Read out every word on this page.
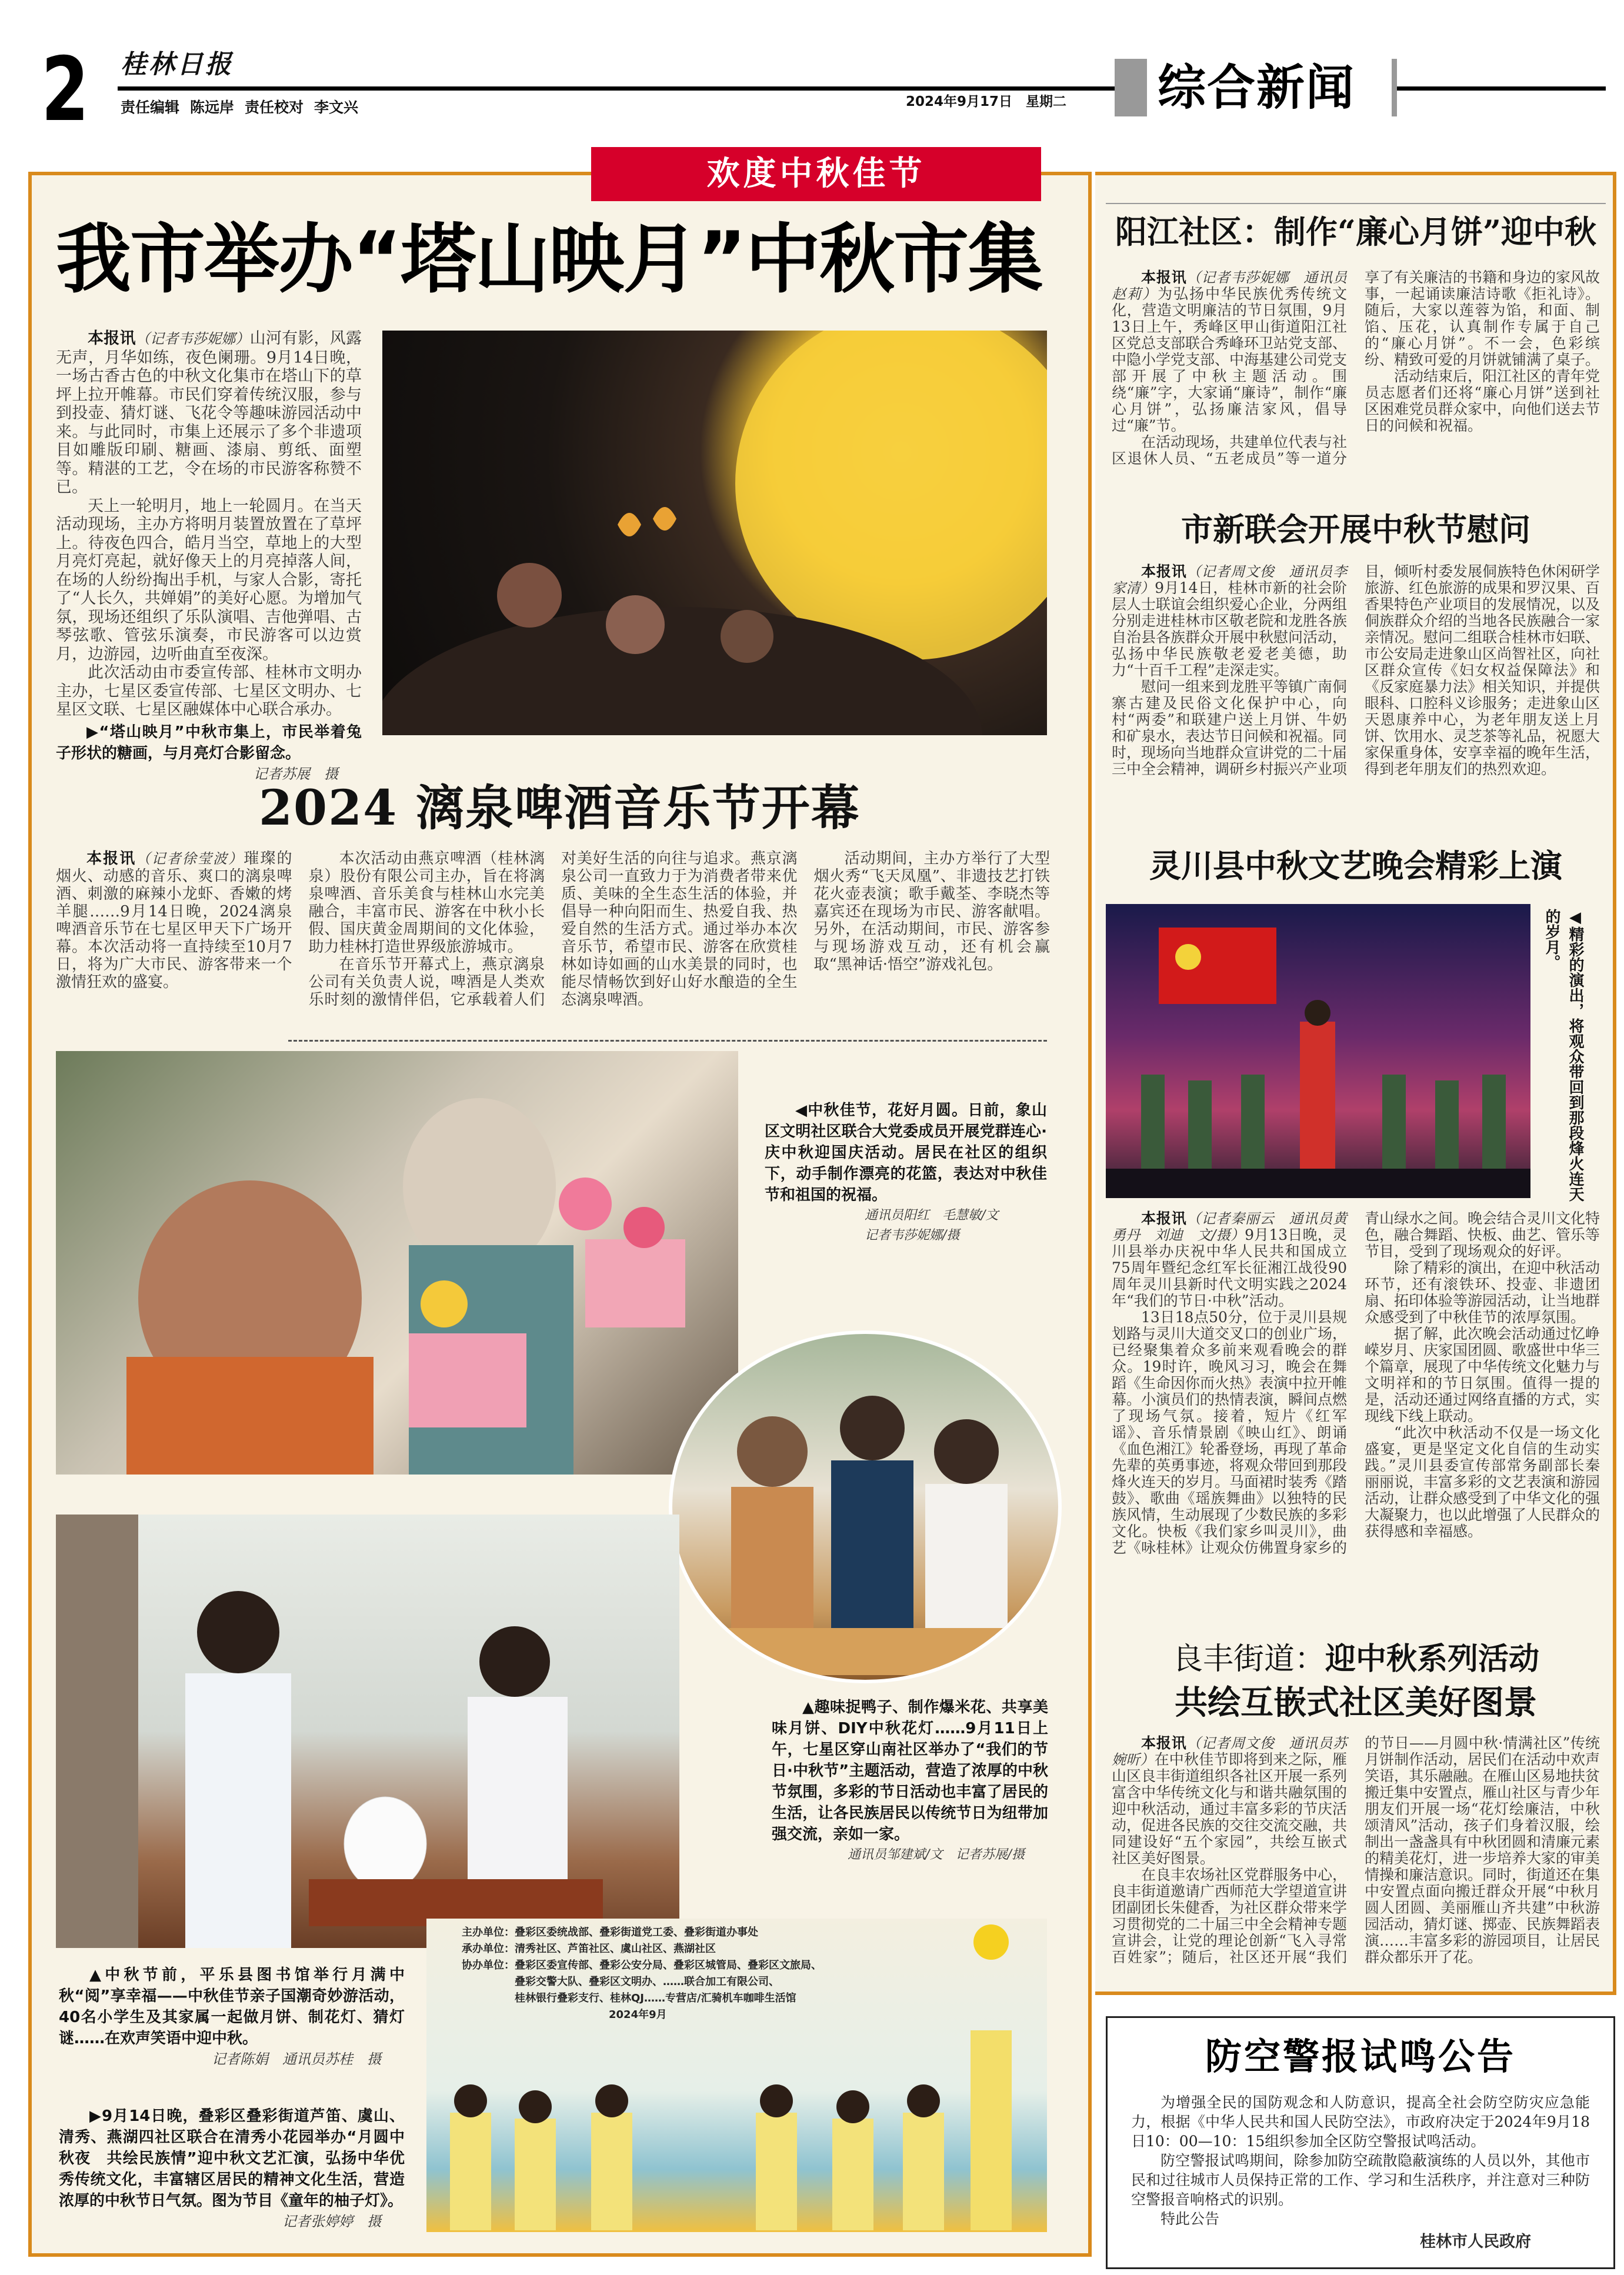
2 桂林日报
责任编辑 陈远岸 责任校对 李文兴	2024年9月17日　星期二 综合新闻
欢度中秋佳节
我市举办“塔山映月”中秋市集

本报讯（记者韦莎妮娜）山河有影，风露无声，月华如练，夜色阑珊。9月14日晚，一场古香古色的中秋文化集市在塔山下的草坪上拉开帷幕。市民们穿着传统汉服，参与到投壶、猜灯谜、飞花令等趣味游园活动中来。与此同时，市集上还展示了多个非遗项目如雕版印刷、糖画、漆扇、剪纸、面塑等。精湛的工艺，令在场的市民游客称赞不已。

天上一轮明月，地上一轮圆月。在当天活动现场，主办方将明月装置放置在了草坪上。待夜色四合，皓月当空，草地上的大型月亮灯亮起，就好像天上的月亮掉落人间，在场的人纷纷掏出手机，与家人合影，寄托了“人长久，共婵娟”的美好心愿。为增加气氛，现场还组织了乐队演唱、吉他弹唱、古琴弦歌、管弦乐演奏，市民游客可以边赏月，边游园，边听曲直至夜深。

此次活动由市委宣传部、桂林市文明办主办，七星区委宣传部、七星区文明办、七星区文联、七星区融媒体中心联合承办。

▶“塔山映月”中秋市集上，市民举着兔子形状的糖画，与月亮灯合影留念。

记者苏展　摄
2024 漓泉啤酒音乐节开幕

本报讯（记者徐莹波）璀璨的烟火、动感的音乐、爽口的漓泉啤酒、刺激的麻辣小龙虾、香嫩的烤羊腿……9月14日晚，2024漓泉啤酒音乐节在七星区甲天下广场开幕。本次活动将一直持续至10月7日，将为广大市民、游客带来一个激情狂欢的盛宴。

本次活动由燕京啤酒（桂林漓泉）股份有限公司主办，旨在将漓泉啤酒、音乐美食与桂林山水完美融合，丰富市民、游客在中秋小长假、国庆黄金周期间的文化体验，助力桂林打造世界级旅游城市。

在音乐节开幕式上，燕京漓泉公司有关负责人说，啤酒是人类欢乐时刻的激情伴侣，它承载着人们对美好生活的向往与追求。燕京漓泉公司一直致力于为消费者带来优质、美味的全生态生活的体验，并倡导一种向阳而生、热爱自我、热爱自然的生活方式。通过举办本次音乐节，希望市民、游客在欣赏桂林如诗如画的山水美景的同时，也能尽情畅饮到好山好水酿造的全生态漓泉啤酒。

活动期间，主办方举行了大型烟火秀“飞天凤凰”、非遗技艺打铁花火壶表演；歌手戴荃、李晓杰等嘉宾还在现场为市民、游客献唱。另外，在活动期间，市民、游客参与现场游戏互动，还有机会赢取“黑神话·悟空”游戏礼包。

◀中秋佳节，花好月圆。日前，象山区文明社区联合大党委成员开展党群连心·庆中秋迎国庆活动。居民在社区的组织下，动手制作漂亮的花篮，表达对中秋佳节和祖国的祝福。

通讯员阳红　毛慧敏/文
记者韦莎妮娜/摄

▲趣味捉鸭子、制作爆米花、共享美味月饼、DIY中秋花灯……9月11日上午，七星区穿山南社区举办了“我们的节日·中秋节”主题活动，营造了浓厚的中秋节氛围，多彩的节日活动也丰富了居民的生活，让各民族居民以传统节日为纽带加强交流，亲如一家。

通讯员邹建斌/文　记者苏展/摄

▲中秋节前，平乐县图书馆举行月满中秋“阅”享幸福——中秋佳节亲子国潮奇妙游活动，40名小学生及其家属一起做月饼、制花灯、猜灯谜……在欢声笑语中迎中秋。

记者陈娟　通讯员苏桂　摄

▶9月14日晚，叠彩区叠彩街道芦笛、虞山、清秀、燕湖四社区联合在清秀小花园举办“月圆中秋夜　共绘民族情”迎中秋文艺汇演，弘扬中华优秀传统文化，丰富辖区居民的精神文化生活，营造浓厚的中秋节日气氛。图为节目《童年的柚子灯》。

记者张婷婷　摄
主办单位：叠彩区委统战部、叠彩街道党工委、叠彩街道办事处
承办单位：清秀社区、芦笛社区、虞山社区、燕湖社区
协办单位：叠彩区委宣传部、叠彩公安分局、叠彩区城管局、叠彩区文旅局、
叠彩交警大队、叠彩区文明办、……联合加工有限公司、
桂林银行叠彩支行、桂林QJ……专营店/汇骑机车咖啡生活馆
2024年9月
阳江社区：制作“廉心月饼”迎中秋

本报讯（记者韦莎妮娜　通讯员赵莉）为弘扬中华民族优秀传统文化，营造文明廉洁的节日氛围，9月13日上午，秀峰区甲山街道阳江社区党总支部联合秀峰环卫站党支部、中隐小学党支部、中海基建公司党支部开展了中秋主题活动。围绕“廉”字，大家诵“廉诗”，制作“廉心月饼”，弘扬廉洁家风，倡导过“廉”节。

在活动现场，共建单位代表与社区退休人员、“五老成员”等一道分享了有关廉洁的书籍和身边的家风故事，一起诵读廉洁诗歌《拒礼诗》。随后，大家以莲蓉为馅，和面、制馅、压花，认真制作专属于自己的“廉心月饼”。不一会，色彩缤纷、精致可爱的月饼就铺满了桌子。

活动结束后，阳江社区的青年党员志愿者们还将“廉心月饼”送到社区困难党员群众家中，向他们送去节日的问候和祝福。

市新联会开展中秋节慰问

本报讯（记者周文俊　通讯员李家清）9月14日，桂林市新的社会阶层人士联谊会组织爱心企业，分两组分别走进桂林市区敬老院和龙胜各族自治县各族群众开展中秋慰问活动，弘扬中华民族敬老爱老美德，助力“十百千工程”走深走实。

慰问一组来到龙胜平等镇广南侗寨古建及民俗文化保护中心，向村“两委”和联建户送上月饼、牛奶和矿泉水，表达节日问候和祝福。同时，现场向当地群众宣讲党的二十届三中全会精神，调研乡村振兴产业项目，倾听村委发展侗族特色休闲研学旅游、红色旅游的成果和罗汉果、百香果特色产业项目的发展情况，以及侗族群众介绍的当地各民族融合一家亲情况。慰问二组联合桂林市妇联、市公安局走进象山区尚智社区，向社区群众宣传《妇女权益保障法》和《反家庭暴力法》相关知识，并提供眼科、口腔科义诊服务；走进象山区天恩康养中心，为老年朋友送上月饼、饮用水、灵芝茶等礼品，祝愿大家保重身体，安享幸福的晚年生活，得到老年朋友们的热烈欢迎。

灵川县中秋文艺晚会精彩上演
◀精彩的演出，将观众带回到那段烽火连天的岁月。

本报讯（记者秦丽云　通讯员黄勇丹　刘迪　文/摄）9月13日晚，灵川县举办庆祝中华人民共和国成立75周年暨纪念红军长征湘江战役90周年灵川县新时代文明实践之2024年“我们的节日·中秋”活动。

13日18点50分，位于灵川县规划路与灵川大道交叉口的创业广场，已经聚集着众多前来观看晚会的群众。19时许，晚风习习，晚会在舞蹈《生命因你而火热》表演中拉开帷幕。小演员们的热情表演，瞬间点燃了现场气氛。接着，短片《红军谣》、音乐情景剧《映山红》、朗诵《血色湘江》轮番登场，再现了革命先辈的英勇事迹，将观众带回到那段烽火连天的岁月。马面裙时装秀《踏鼓》、歌曲《瑶族舞曲》以独特的民族风情，生动展现了少数民族的多彩文化。快板《我们家乡叫灵川》，曲艺《咏桂林》让观众仿佛置身家乡的青山绿水之间。晚会结合灵川文化特色，融合舞蹈、快板、曲艺、管乐等节目，受到了现场观众的好评。

除了精彩的演出，在迎中秋活动环节，还有滚铁环、投壶、非遗团扇、拓印体验等游园活动，让当地群众感受到了中秋佳节的浓厚氛围。

据了解，此次晚会活动通过忆峥嵘岁月、庆家国团圆、歌盛世中华三个篇章，展现了中华传统文化魅力与文明祥和的节日氛围。值得一提的是，活动还通过网络直播的方式，实现线下线上联动。

“此次中秋活动不仅是一场文化盛宴，更是坚定文化自信的生动实践。”灵川县委宣传部常务副部长秦丽丽说，丰富多彩的文艺表演和游园活动，让群众感受到了中华文化的强大凝聚力，也以此增强了人民群众的获得感和幸福感。

良丰街道：迎中秋系列活动
共绘互嵌式社区美好图景

本报讯（记者周文俊　通讯员苏婉昕）在中秋佳节即将到来之际，雁山区良丰街道组织各社区开展一系列富含中华传统文化与和谐共融氛围的迎中秋活动，通过丰富多彩的节庆活动，促进各民族的交往交流交融，共同建设好“五个家园”，共绘互嵌式社区美好图景。

在良丰农场社区党群服务中心，良丰街道邀请广西师范大学望道宣讲团副团长朱健香，为社区群众带来学习贯彻党的二十届三中全会精神专题宣讲会，让党的理论创新“飞入寻常百姓家”；随后，社区还开展“我们的节日——月圆中秋·情满社区”传统月饼制作活动，居民们在活动中欢声笑语，其乐融融。在雁山区易地扶贫搬迁集中安置点，雁山社区与青少年朋友们开展一场“花灯绘廉洁，中秋颂清风”活动，孩子们身着汉服，绘制出一盏盏具有中秋团圆和清廉元素的精美花灯，进一步培养大家的审美情操和廉洁意识。同时，街道还在集中安置点面向搬迁群众开展“中秋月圆人团圆、美丽雁山齐共建”中秋游园活动，猜灯谜、掷壶、民族舞蹈表演……丰富多彩的游园项目，让居民群众都乐开了花。

防空警报试鸣公告

为增强全民的国防观念和人防意识，提高全社会防空防灾应急能力，根据《中华人民共和国人民防空法》，市政府决定于2024年9月18日10：00—10：15组织参加全区防空警报试鸣活动。

防空警报试鸣期间，除参加防空疏散隐蔽演练的人员以外，其他市民和过往城市人员保持正常的工作、学习和生活秩序，并注意对三种防空警报音响格式的识别。

特此公告

桂林市人民政府
